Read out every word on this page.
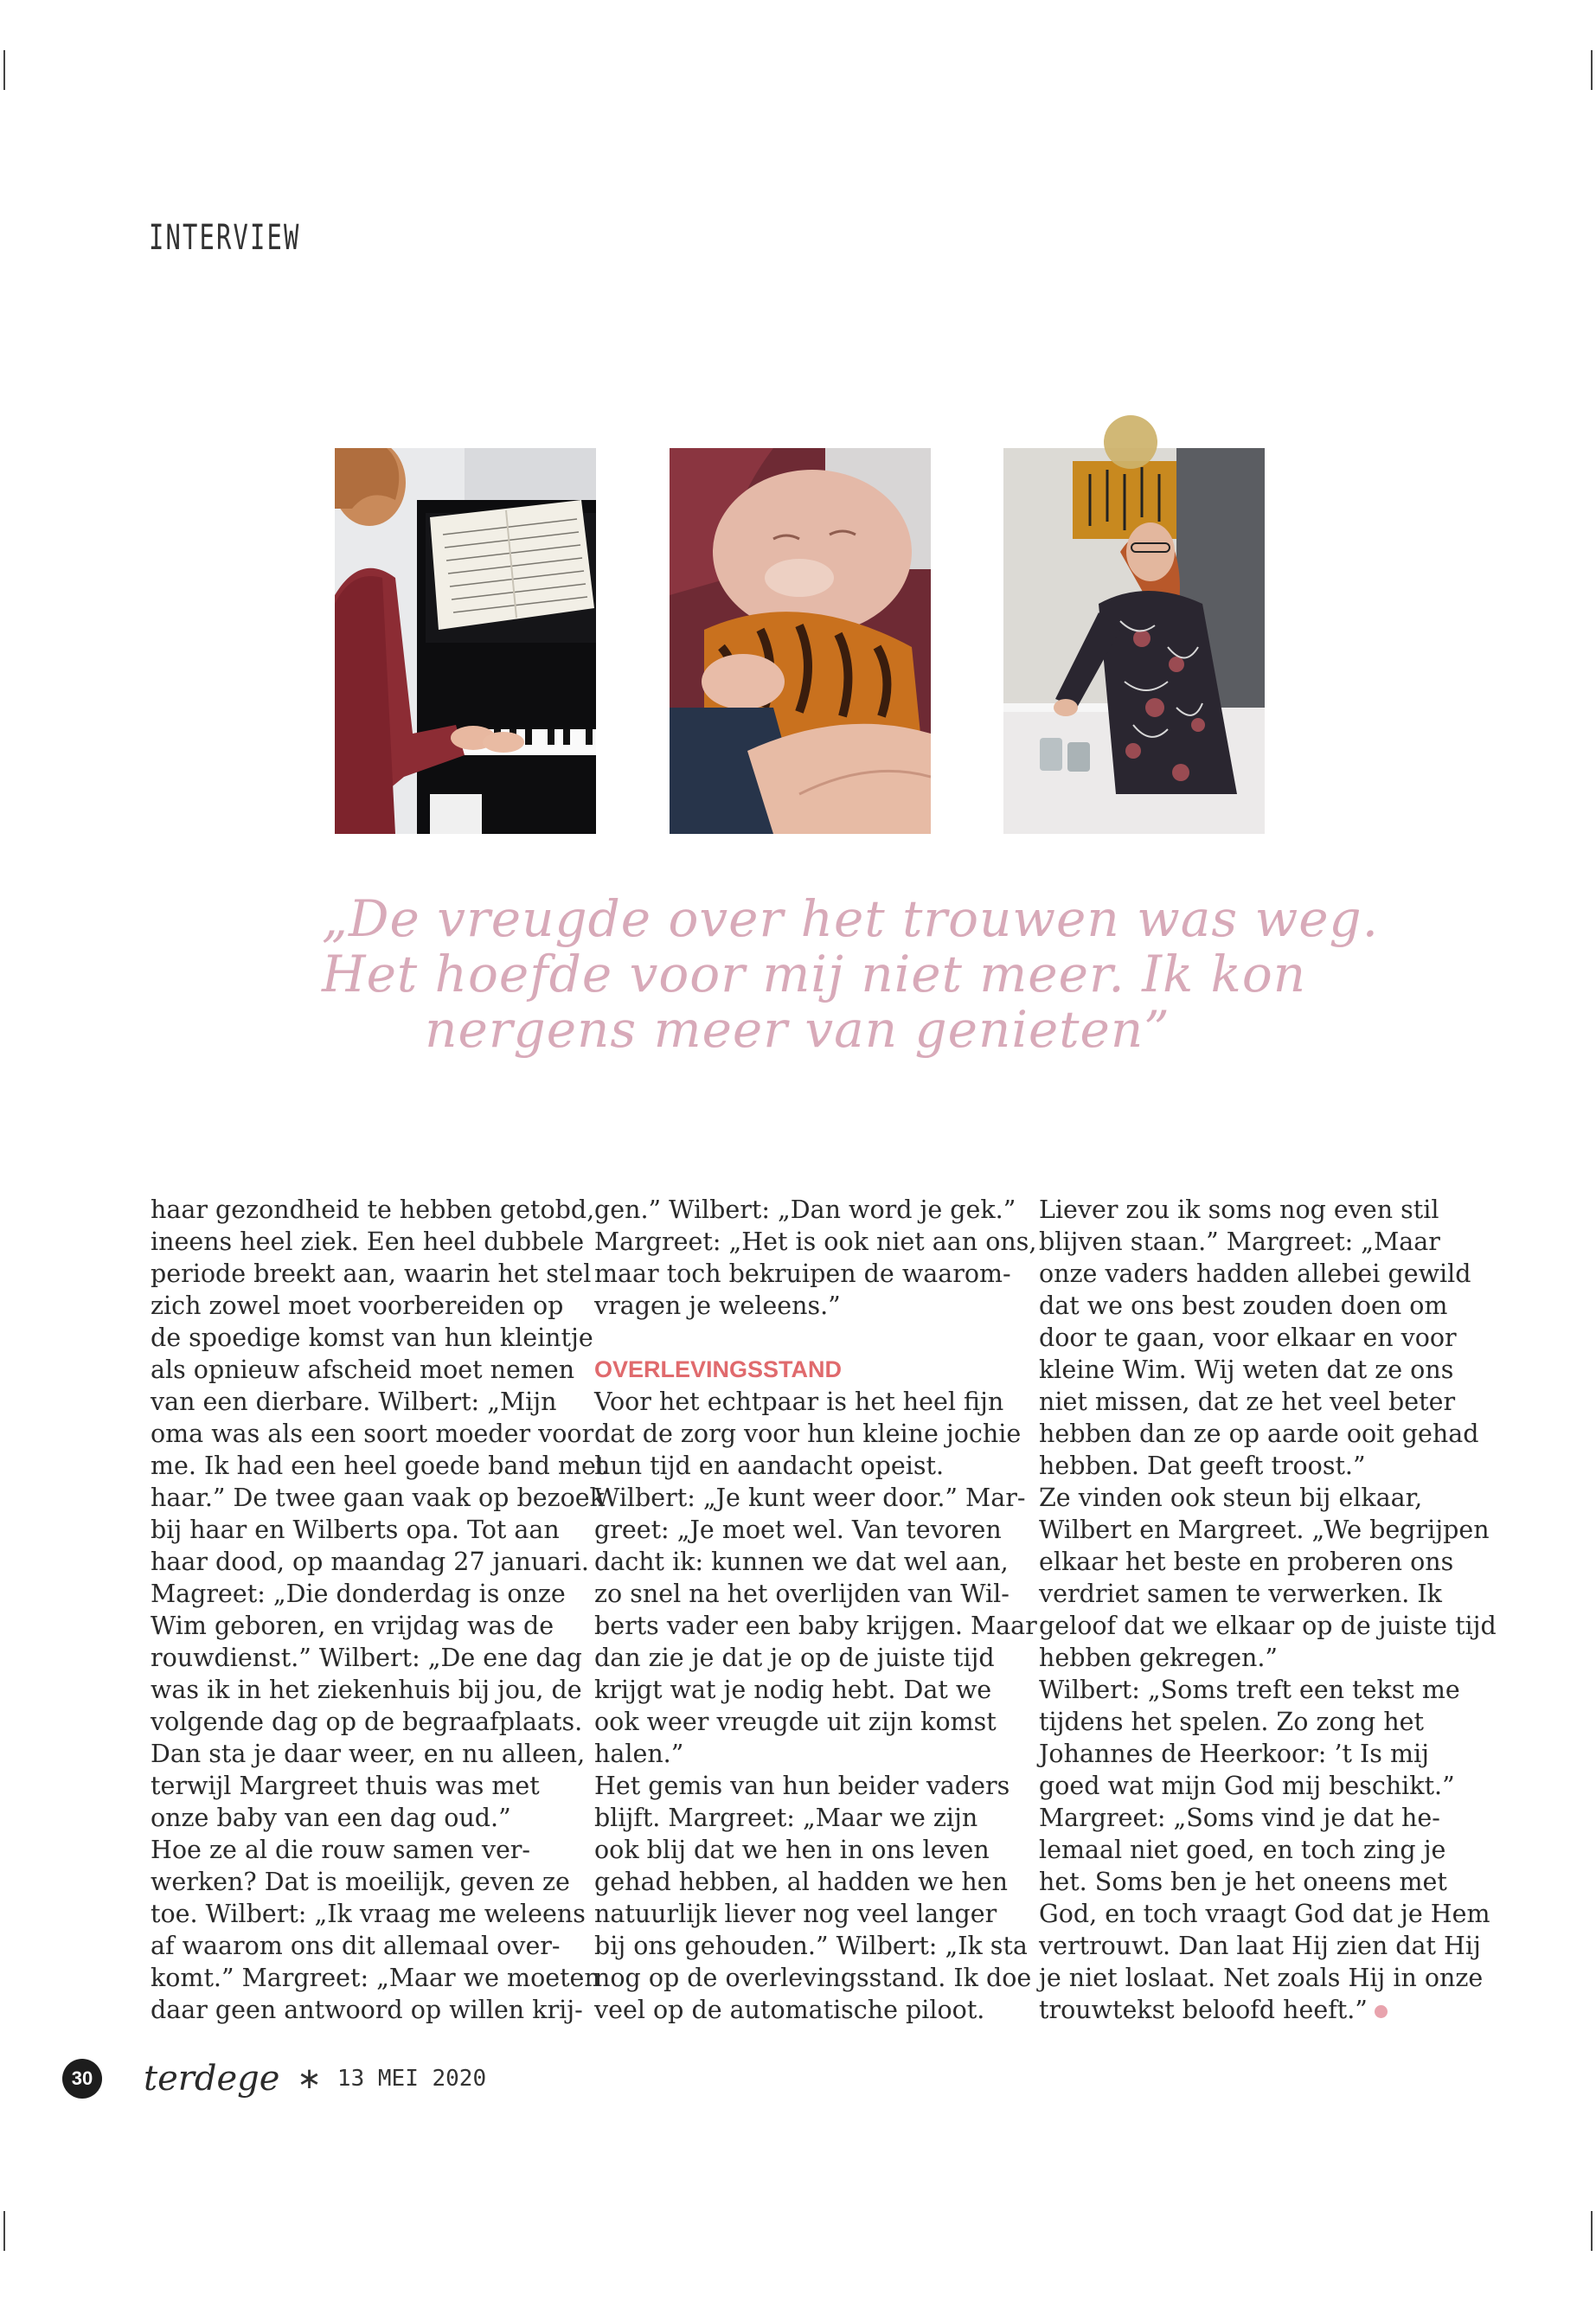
INTERVIEW
„De vreugde over het trouwen was weg.
Het hoefde voor mij niet meer. Ik kon
nergens meer van genieten”

haar gezondheid te hebben getobd,
ineens heel ziek. Een heel dubbele
periode breekt aan, waarin het stel
zich zowel moet voorbereiden op
de spoedige komst van hun kleintje
als opnieuw afscheid moet nemen
van een dierbare. Wilbert: „Mijn
oma was als een soort moeder voor
me. Ik had een heel goede band met
haar.” De twee gaan vaak op bezoek
bij haar en Wilberts opa. Tot aan
haar dood, op maandag 27 januari.
Magreet: „Die donderdag is onze
Wim geboren, en vrijdag was de
rouwdienst.” Wilbert: „De ene dag
was ik in het ziekenhuis bij jou, de
volgende dag op de begraafplaats.
Dan sta je daar weer, en nu alleen,
terwijl Margreet thuis was met
onze baby van een dag oud.”
Hoe ze al die rouw samen ver-
werken? Dat is moeilijk, geven ze
toe. Wilbert: „Ik vraag me weleens
af waarom ons dit allemaal over-
komt.” Margreet: „Maar we moeten
daar geen antwoord op willen krij-

gen.” Wilbert: „Dan word je gek.”
Margreet: „Het is ook niet aan ons,
maar toch bekruipen de waarom-
vragen je weleens.”

OVERLEVINGSSTAND

Voor het echtpaar is het heel fijn
dat de zorg voor hun kleine jochie
hun tijd en aandacht opeist.
Wilbert: „Je kunt weer door.” Mar-
greet: „Je moet wel. Van tevoren
dacht ik: kunnen we dat wel aan,
zo snel na het overlijden van Wil-
berts vader een baby krijgen. Maar
dan zie je dat je op de juiste tijd
krijgt wat je nodig hebt. Dat we
ook weer vreugde uit zijn komst
halen.”
Het gemis van hun beider vaders
blijft. Margreet: „Maar we zijn
ook blij dat we hen in ons leven
gehad hebben, al hadden we hen
natuurlijk liever nog veel langer
bij ons gehouden.” Wilbert: „Ik sta
nog op de overlevingsstand. Ik doe
veel op de automatische piloot.

Liever zou ik soms nog even stil
blijven staan.” Margreet: „Maar
onze vaders hadden allebei gewild
dat we ons best zouden doen om
door te gaan, voor elkaar en voor
kleine Wim. Wij weten dat ze ons
niet missen, dat ze het veel beter
hebben dan ze op aarde ooit gehad
hebben. Dat geeft troost.”
Ze vinden ook steun bij elkaar,
Wilbert en Margreet. „We begrijpen
elkaar het beste en proberen ons
verdriet samen te verwerken. Ik
geloof dat we elkaar op de juiste tijd
hebben gekregen.”
Wilbert: „Soms treft een tekst me
tijdens het spelen. Zo zong het
Johannes de Heerkoor: ’t Is mij
goed wat mijn God mij beschikt.”
Margreet: „Soms vind je dat he-
lemaal niet goed, en toch zing je
het. Soms ben je het oneens met
God, en toch vraagt God dat je Hem
vertrouwt. Dan laat Hij zien dat Hij
je niet loslaat. Net zoals Hij in onze
trouwtekst beloofd heeft.”

30 terdege ∗ 13 MEI 2020
